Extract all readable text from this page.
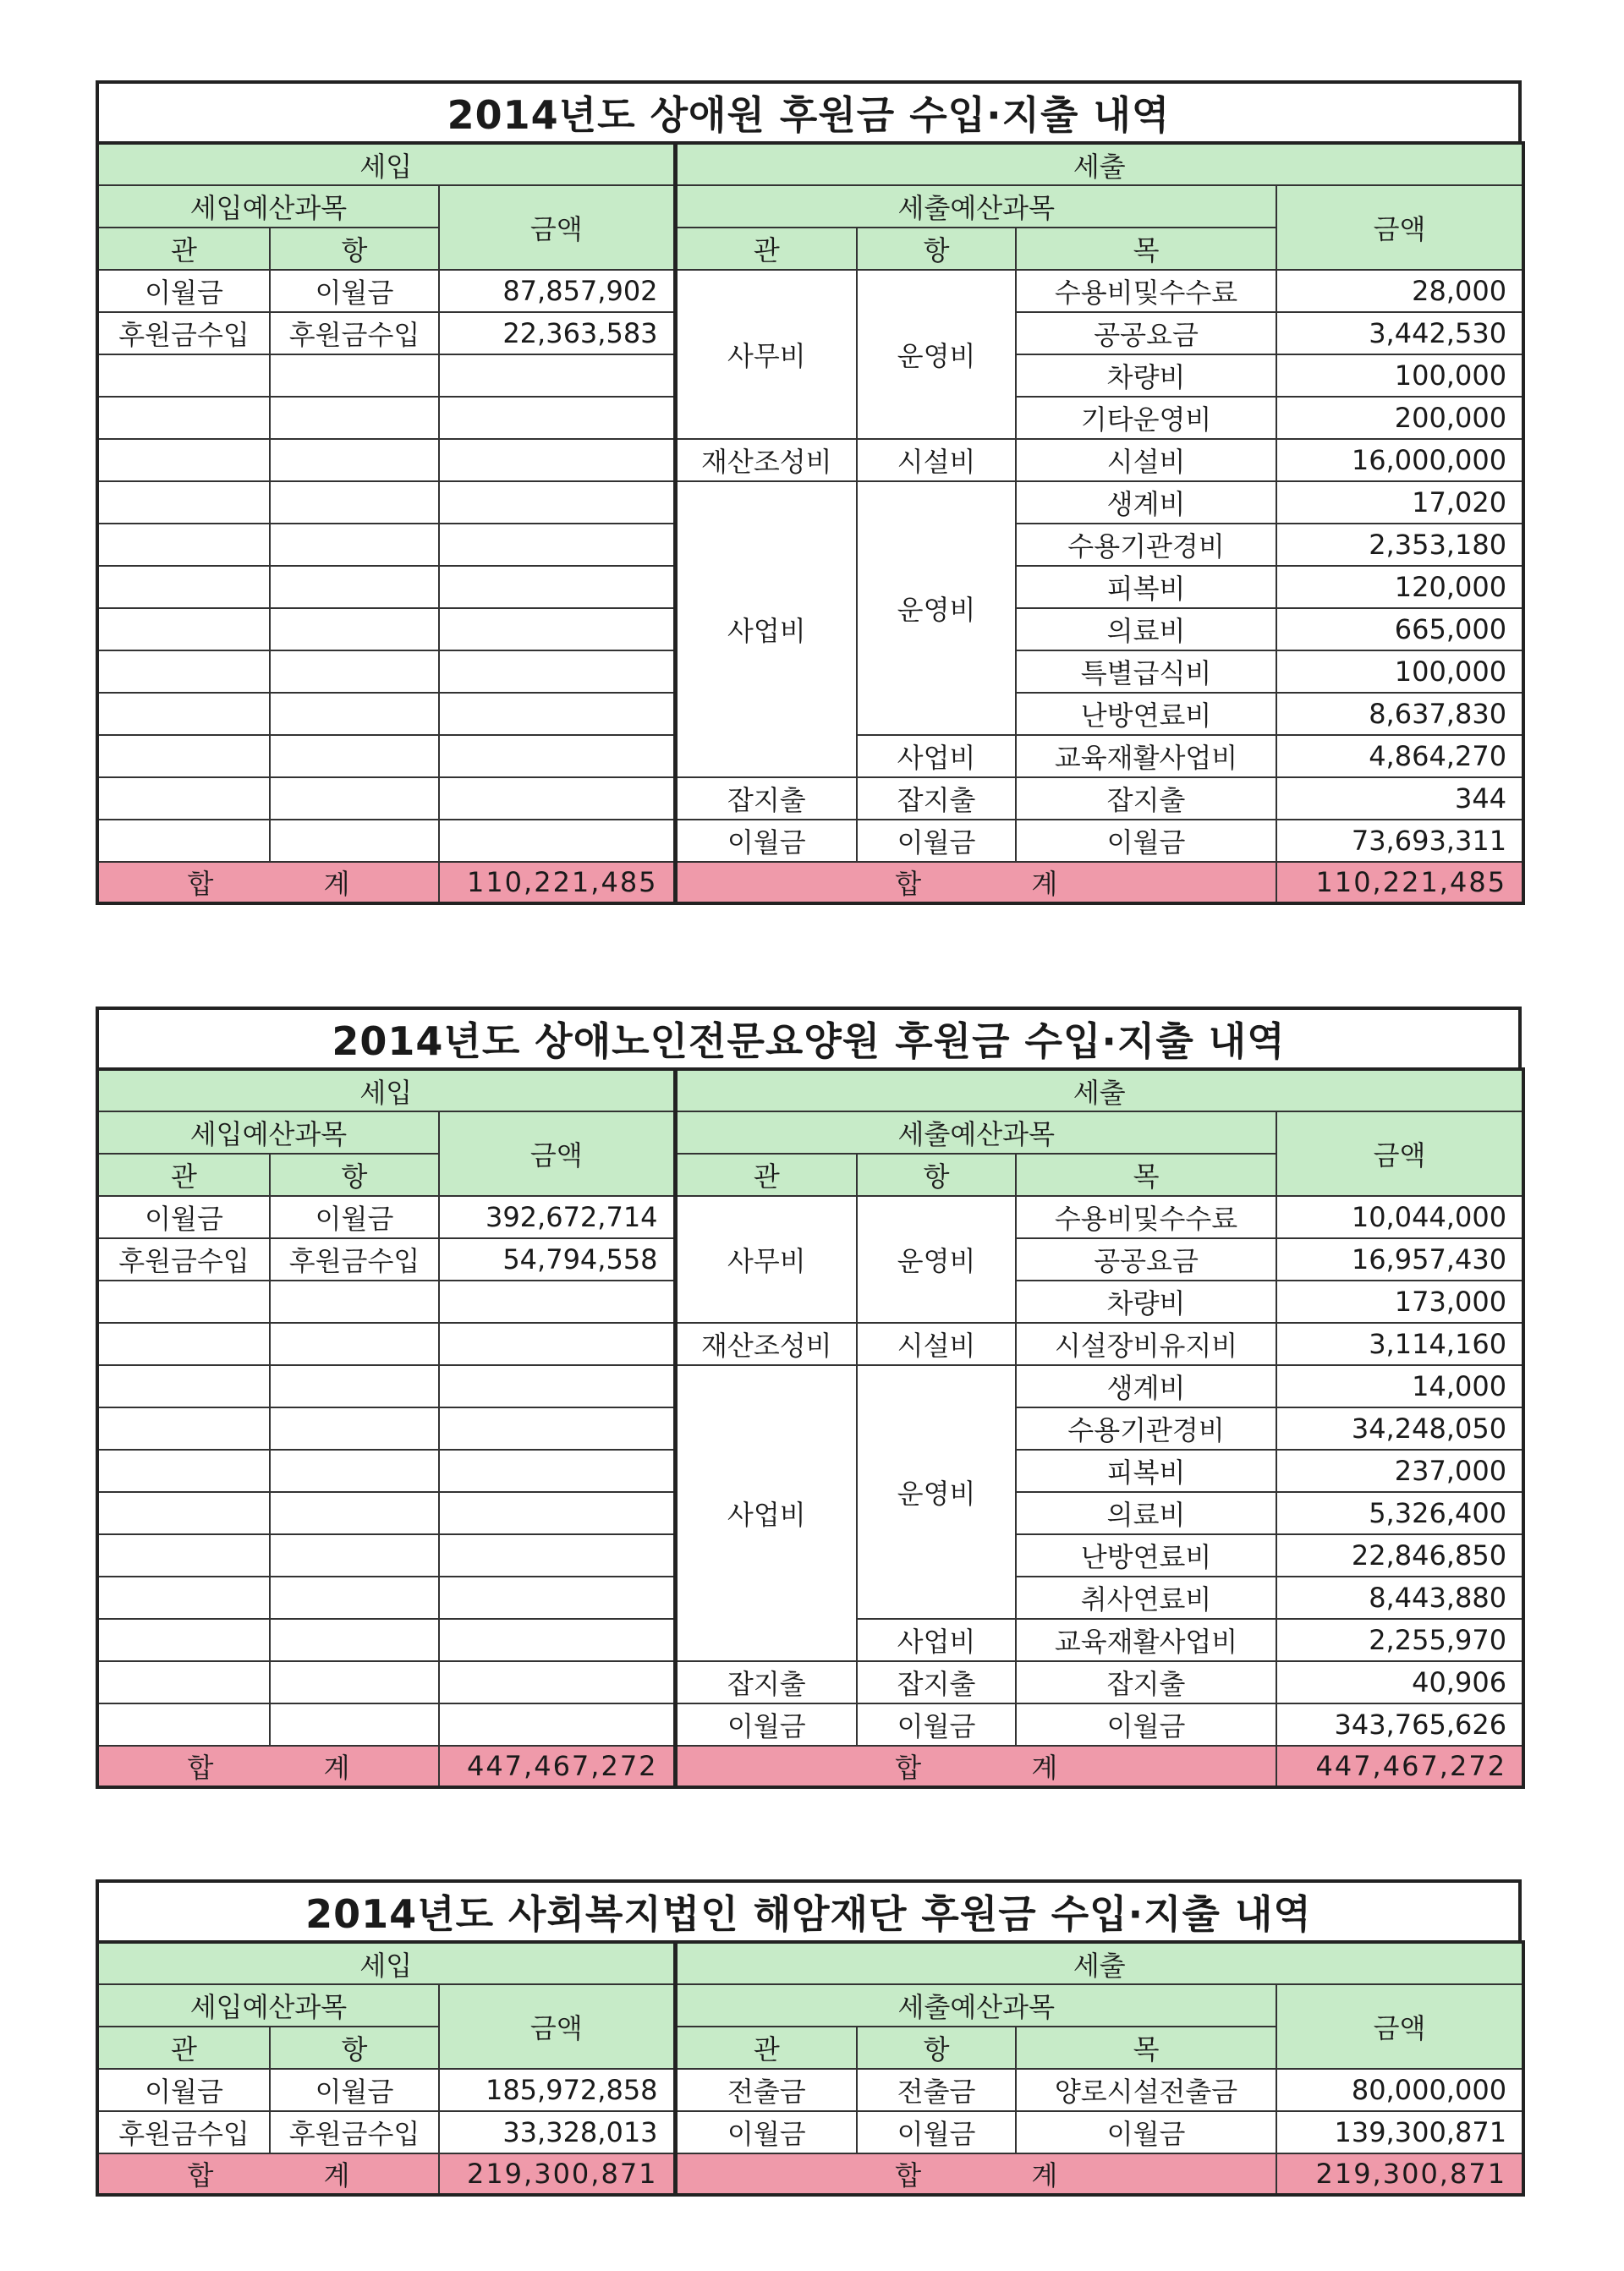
2014년도 상애원 후원금 수입·지출 내역
세입			세출			
세입예산과목		금액	세출예산과목			금액
관	항		관	항	목	
이월금	이월금	87,857,902	사무비	운영비	수용비및수수료	28,000
후원금수입	후원금수입	22,363,583			공공요금	3,442,530
					차량비	100,000
					기타운영비	200,000
			재산조성비	시설비	시설비	16,000,000
			사업비	운영비	생계비	17,020
					수용기관경비	2,353,180
					피복비	120,000
					의료비	665,000
					특별급식비	100,000
					난방연료비	8,637,830
				사업비	교육재활사업비	4,864,270
			잡지출	잡지출	잡지출	344
			이월금	이월금	이월금	73,693,311
합 계		110,221,485	합 계			110,221,485
2014년도 상애노인전문요양원 후원금 수입·지출 내역
세입			세출			
세입예산과목		금액	세출예산과목			금액
관	항		관	항	목	
이월금	이월금	392,672,714	사무비	운영비	수용비및수수료	10,044,000
후원금수입	후원금수입	54,794,558			공공요금	16,957,430
					차량비	173,000
			재산조성비	시설비	시설장비유지비	3,114,160
			사업비	운영비	생계비	14,000
					수용기관경비	34,248,050
					피복비	237,000
					의료비	5,326,400
					난방연료비	22,846,850
					취사연료비	8,443,880
				사업비	교육재활사업비	2,255,970
			잡지출	잡지출	잡지출	40,906
			이월금	이월금	이월금	343,765,626
합 계		447,467,272	합 계			447,467,272
2014년도 사회복지법인 해암재단 후원금 수입·지출 내역
세입			세출			
세입예산과목		금액	세출예산과목			금액
관	항		관	항	목	
이월금	이월금	185,972,858	전출금	전출금	양로시설전출금	80,000,000
후원금수입	후원금수입	33,328,013	이월금	이월금	이월금	139,300,871
합 계		219,300,871	합 계			219,300,871
